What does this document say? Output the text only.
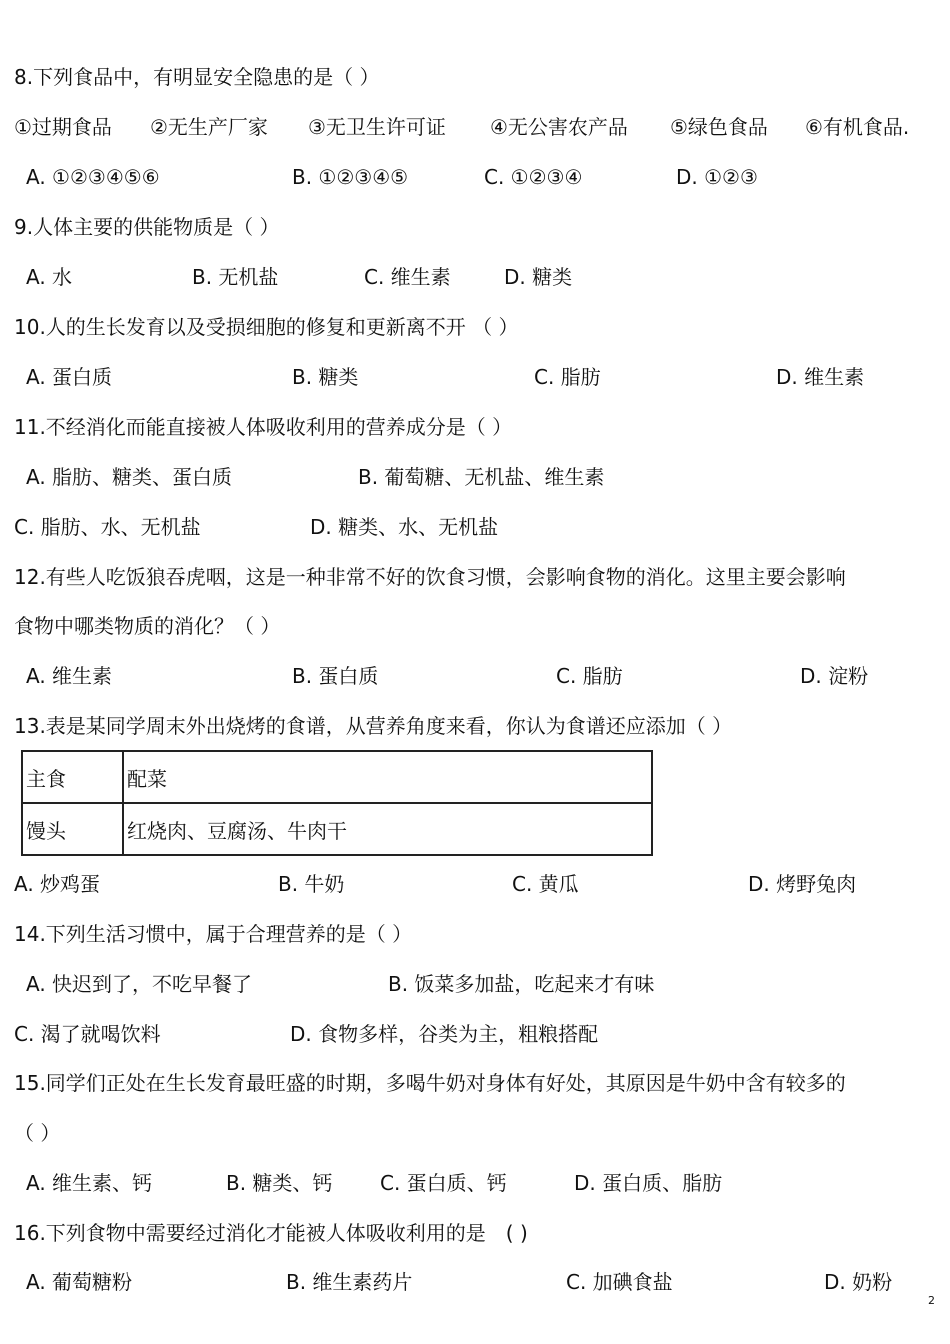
8.下列食品中，有明显安全隐患的是（ ）
①过期食品 ②无生产厂家 ③无卫生许可证 ④无公害农产品 ⑤绿色食品 ⑥有机食品.
A. ①②③④⑤⑥	B. ①②③④⑤	C. ①②③④	D. ①②③
9.人体主要的供能物质是（ ）
A. 水	B. 无机盐	C. 维生素	D. 糖类
10.人的生长发育以及受损细胞的修复和更新离不开 （ ）
A. 蛋白质	B. 糖类	C. 脂肪	D. 维生素
11.不经消化而能直接被人体吸收利用的营养成分是（ ）
A. 脂肪、糖类、蛋白质	B. 葡萄糖、无机盐、维生素
C. 脂肪、水、无机盐	D. 糖类、水、无机盐
12.有些人吃饭狼吞虎咽，这是一种非常不好的饮食习惯，会影响食物的消化。这里主要会影响
食物中哪类物质的消化？（ ）
A. 维生素	B. 蛋白质	C. 脂肪	D. 淀粉
13.表是某同学周末外出烧烤的食谱，从营养角度来看，你认为食谱还应添加（ ）
主食	配菜
馒头	红烧肉、豆腐汤、牛肉干
A. 炒鸡蛋	B. 牛奶	C. 黄瓜	D. 烤野兔肉
14.下列生活习惯中，属于合理营养的是（ ）
A. 快迟到了，不吃早餐了	B. 饭菜多加盐，吃起来才有味
C. 渴了就喝饮料	D. 食物多样，谷类为主，粗粮搭配
15.同学们正处在生长发育最旺盛的时期，多喝牛奶对身体有好处，其原因是牛奶中含有较多的
（ ）
A. 维生素、钙	B. 糖类、钙 C. 蛋白质、钙	D. 蛋白质、脂肪
16.下列食物中需要经过消化才能被人体吸收利用的是　( )
A. 葡萄糖粉	B. 维生素药片	C. 加碘食盐	D. 奶粉
2
